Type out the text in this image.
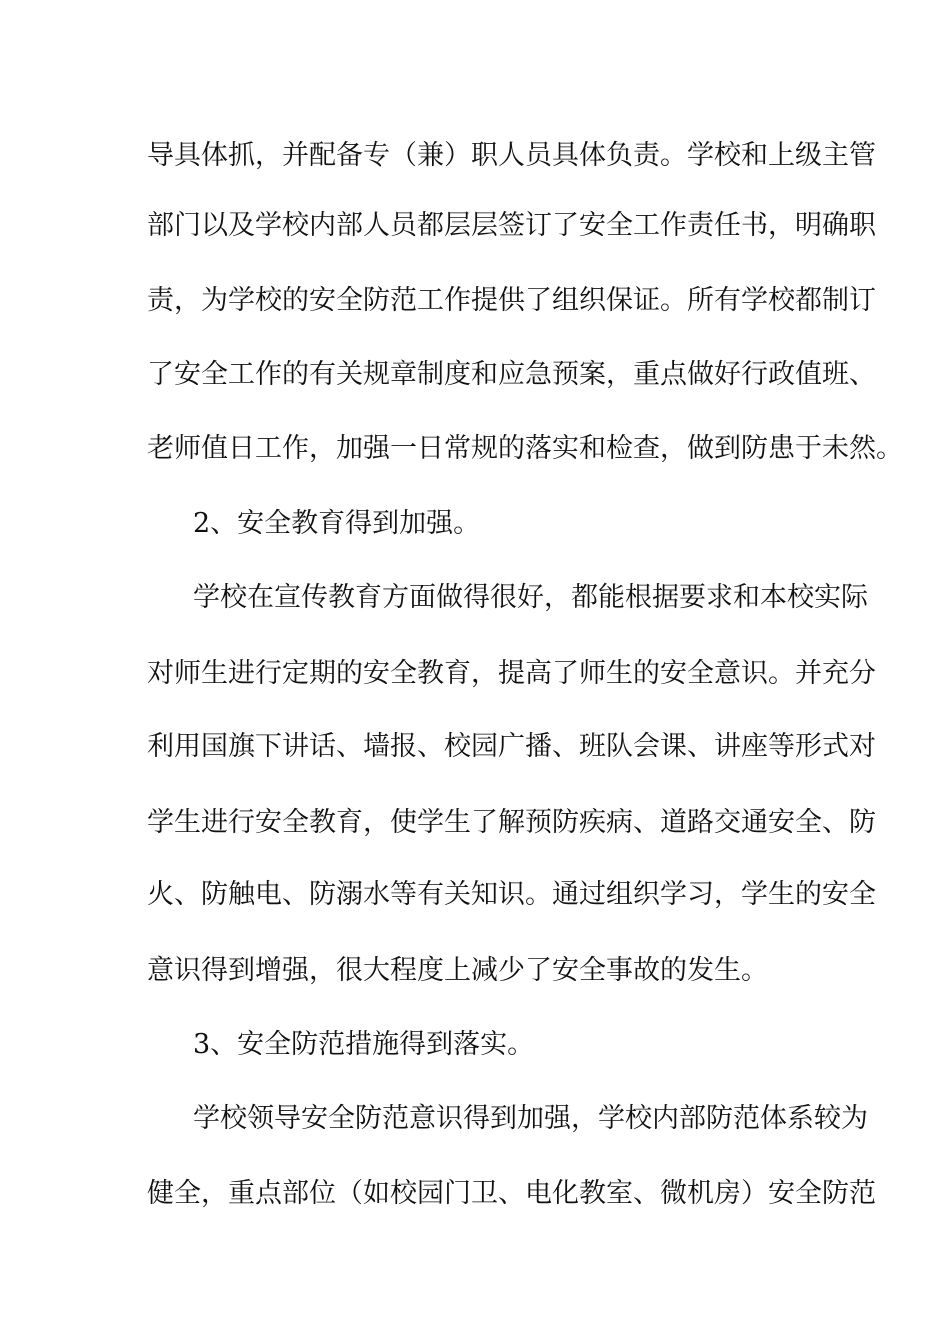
导具体抓，并配备专（兼）职人员具体负责。学校和上级主管
部门以及学校内部人员都层层签订了安全工作责任书，明确职
责，为学校的安全防范工作提供了组织保证。所有学校都制订
了安全工作的有关规章制度和应急预案，重点做好行政值班、
老师值日工作，加强一日常规的落实和检查，做到防患于未然。
2、安全教育得到加强。
学校在宣传教育方面做得很好，都能根据要求和本校实际
对师生进行定期的安全教育，提高了师生的安全意识。并充分
利用国旗下讲话、墙报、校园广播、班队会课、讲座等形式对
学生进行安全教育，使学生了解预防疾病、道路交通安全、防
火、防触电、防溺水等有关知识。通过组织学习，学生的安全
意识得到增强，很大程度上减少了安全事故的发生。
3、安全防范措施得到落实。
学校领导安全防范意识得到加强，学校内部防范体系较为
健全，重点部位（如校园门卫、电化教室、微机房）安全防范
